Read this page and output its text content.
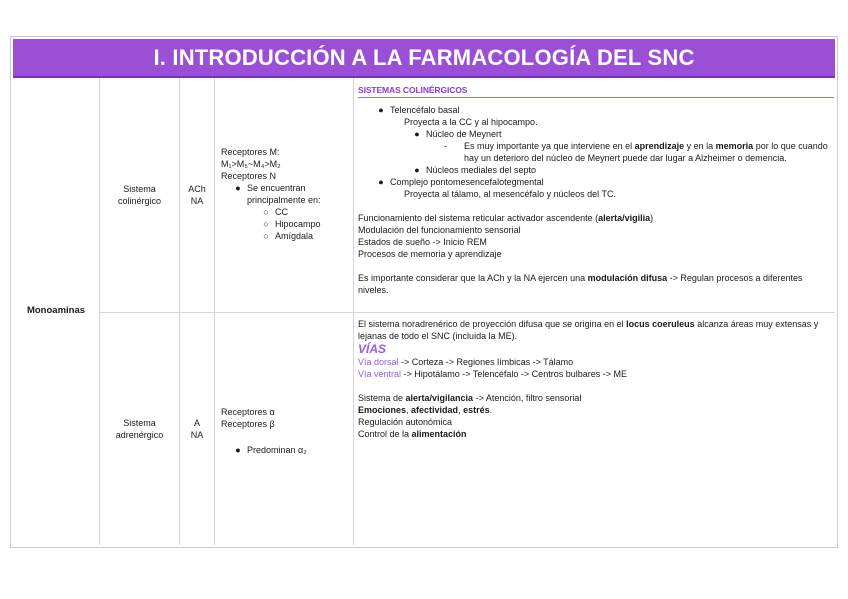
I. INTRODUCCIÓN A LA FARMACOLOGÍA DEL SNC
Monoaminas
Sistema
colinérgico
ACh
NA
Receptores M:
M₁>M₅~M₄>M₂
Receptores N
● Se encuentran principalmente en:
○ CC
○ Hipocampo
○ Amígdala
SISTEMAS COLINÉRGICOS
● Telencéfalo basal
Proyecta a la CC y al hipocampo.
● Núcleo de Meynert
-	Es muy importante ya que interviene en el aprendizaje y en la memoria por lo que cuando hay un deterioro del núcleo de Meynert puede dar lugar a Alzheimer o demencia.
● Núcleos mediales del septo
● Complejo pontomesencefalotegmental
Proyecta al tálamo, al mesencéfalo y núcleos del TC.
Funcionamiento del sistema reticular activador ascendente (alerta/vigilia)
Modulación del funcionamiento sensorial
Estados de sueño -> Inicio REM
Procesos de memoria y aprendizaje
Es importante considerar que la ACh y la NA ejercen una modulación difusa -> Regulan procesos a diferentes niveles.
Sistema
adrenérgico
A
NA
Receptores α
Receptores β
● Predominan α₂
El sistema noradrenérico de proyección difusa que se origina en el locus coeruleus alcanza áreas muy extensas y lejanas de todo el SNC (incluida la ME).
VÍAS
Vía dorsal -> Corteza -> Regiones límbicas -> Tálamo
Vía ventral -> Hipotálamo -> Telencéfalo -> Centros bulbares -> ME
Sistema de alerta/vigilancia -> Atención, filtro sensorial
Emociones, afectividad, estrés.
Regulación autonómica
Control de la alimentación
